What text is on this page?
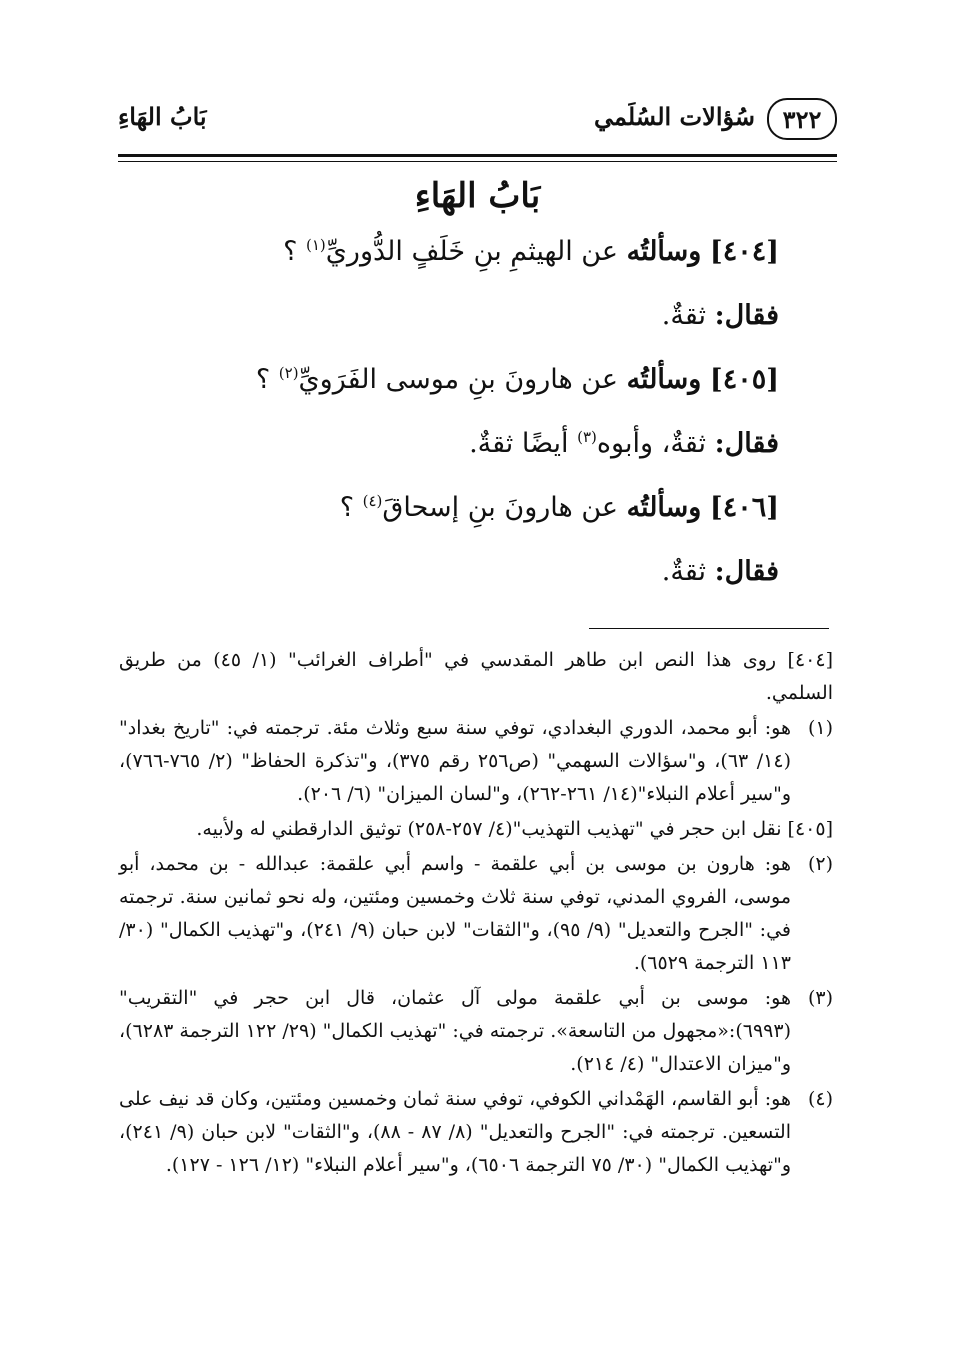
٣٢٢
سُؤالات السُلَمي
بَابُ الهَاءِ
بَابُ الهَاءِ
[٤٠٤] وسألتُه عن الهيثمِ بنِ خَلَفٍ الدُّوريِّ$^{(١)}$ ؟
فقال: ثقةٌ.
[٤٠٥] وسألتُه عن هارونَ بنِ موسى الفَرَويِّ$^{(٢)}$ ؟
فقال: ثقةٌ، وأبوه$^{(٣)}$ أيضًا ثقةٌ.
[٤٠٦] وسألتُه عن هارونَ بنِ إسحاقَ$^{(٤)}$ ؟
فقال: ثقةٌ.
[٤٠٤] روى هذا النص ابن طاهر المقدسي في "أطراف الغرائب" (١/ ٤٥) من طريق السلمي.
(١)
هو: أبو محمد، الدوري البغدادي، توفي سنة سبع وثلاث مئة. ترجمته في: "تاريخ بغداد" (١٤/ ٦٣)، و"سؤالات السهمي" (ص٢٥٦ رقم ٣٧٥)، و"تذكرة الحفاظ" (٢/ ٧٦٥-٧٦٦)، و"سير أعلام النبلاء"(١٤/ ٢٦١-٢٦٢)، و"لسان الميزان" (٦/ ٢٠٦).
[٤٠٥] نقل ابن حجر في "تهذيب التهذيب"(٤/ ٢٥٧-٢٥٨) توثيق الدارقطني له ولأبيه.
(٢)
هو: هارون بن موسى بن أبي علقمة - واسم أبي علقمة: عبدالله - بن محمد، أبو موسى، الفروي المدني، توفي سنة ثلاث وخمسين ومئتين، وله نحو ثمانين سنة. ترجمته في: "الجرح والتعديل" (٩/ ٩٥)، و"الثقات" لابن حبان (٩/ ٢٤١)، و"تهذيب الكمال" (٣٠/ ١١٣ الترجمة ٦٥٢٩).
(٣)
هو: موسى بن أبي علقمة مولى آل عثمان، قال ابن حجر في "التقريب" (٦٩٩٣):«مجهول من التاسعة». ترجمته في: "تهذيب الكمال" (٢٩/ ١٢٢ الترجمة ٦٢٨٣)، و"ميزان الاعتدال" (٤/ ٢١٤).
(٤)
هو: أبو القاسم، الهَمْداني الكوفي، توفي سنة ثمان وخمسين ومئتين، وكان قد نيف على التسعين. ترجمته في: "الجرح والتعديل" (٨/ ٨٧ - ٨٨)، و"الثقات" لابن حبان (٩/ ٢٤١)، و"تهذيب الكمال" (٣٠/ ٧٥ الترجمة ٦٥٠٦)، و"سير أعلام النبلاء" (١٢/ ١٢٦ - ١٢٧).
